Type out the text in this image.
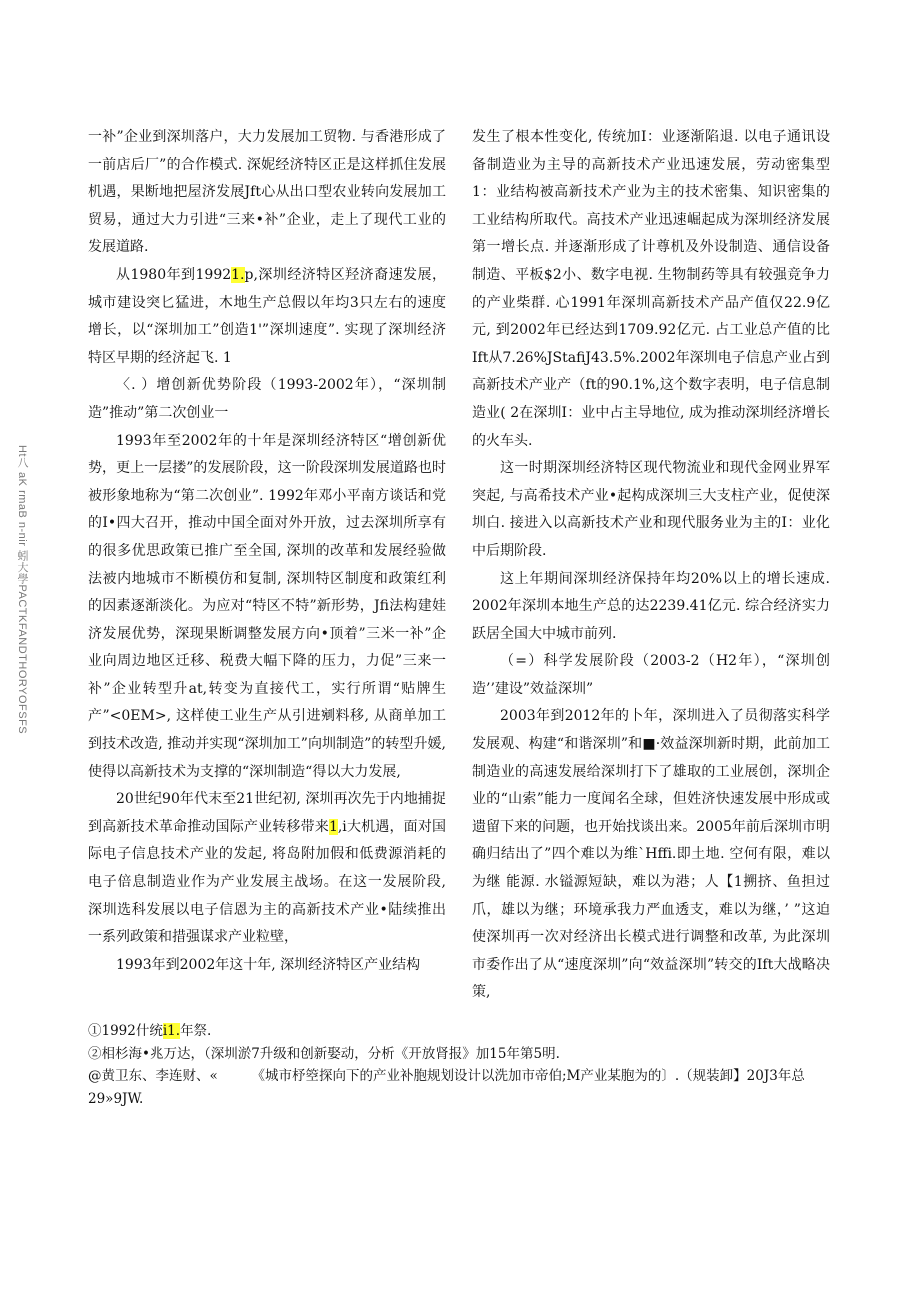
Ht八 aK rmaB n-nir 蚓大學PACTKFANDTHORYOFSFS

一补”企业到深圳落户，大力发展加工贸物. 与香港形成了一前店后厂”的合作模式. 深妮经济特区正是这样抓住发展机遇，果断地把屋济发展Jft心从出口型农业转向发展加工贸易，通过大力引进“三来•补”企业，走上了现代工业的发展道路.

从1980年到19921.p,深圳经济特区羟济裔速发展，城市建设突匕猛进，木地生产总假以年均3只左右的速度增长，以“深圳加工”创造1'”深圳速度”. 实现了深圳经济特区早期的经济起飞. 1

〈. ）增创新优势阶段（1993-2002年），“深圳制造”推动”第二次创业一

1993年至2002年的十年是深圳经济特区“增创新优势，更上一层搂”的发展阶段，这一阶段深圳发展道路也时被形象地称为“第二次创业”. 1992年邓小平南方谈话和党的I•四大召开，推动中国全面对外开放，过去深圳所享有的很多优思政策已推广至全国, 深圳的改革和发展经验做法被内地城市不断模仿和复制, 深圳特区制度和政策红利的因素逐渐淡化。为应对“特区不特”新形势，Jfi法构建娃济发展优势，深现果断调整发展方向•顶着”三米一补”企业向周边地区迁移、税费大幅下降的压力，力促”三来一补”企业转型升at,转变为直接代工，实行所谓“贴牌生产”<0EM>, 这样使工业生产从引进剜料移, 从商单加工到技术改造, 推动并实现“深圳加工”向圳制造”的转型升媛, 使得以高新技术为支撑的“深圳制造“得以大力发展,

20世纪90年代末至21世纪初, 深圳再次先于内地捕捉到高新技术革命推动国际产业转移带来1,i大机遇，面对国际电子信息技术产业的发起, 将岛附加假和低费源消耗的电子倍息制造业作为产业发展主战场。在这一发展阶段, 深圳选科发展以电子信恩为主的高新技术产业•陆续推出一系列政策和措强谋求产业粒壁，

1993年到2002年这十年, 深圳经济特区产业结构

发生了根本性变化, 传统加I：业逐渐陷退. 以电子通讯设备制造业为主导的高新技术产业迅速发展，劳动密集型1：业结构被高新技术产业为主的技术密集、知识密集的工业结构所取代。高技术产业迅速崛起成为深圳经济发展第一增长点. 并逐渐形成了计尊机及外设制造、通信设备制造、平板$2小、数字电视. 生物制药等具有较强竞争力的产业柴群. 心1991年深圳高新技术产品产值仅22.9亿元, 到2002年已经达到1709.92亿元. 占工业总产值的比Ift从7.26%JStafiJ43.5%.2002年深圳电子信息产业占到高新技术产业产（ft的90.1%,这个数字表明，电子信息制造业( 2在深圳I：业中占主导地位, 成为推动深圳经济增长的火车头.

这一时期深圳经济特区现代物流业和现代金网业界军突起, 与高希技术产业•起构成深圳三大支柱产业，促使深圳白. 接进入以高新技术产业和现代服务业为主的I：业化中后期阶段.

这上年期间深圳经济保持年均20%以上的增长速成. 2002年深圳本地生产总的达2239.41亿元. 综合经济实力跃居全国大中城市前列.

（=）科学发展阶段（2003-2（H2年），“深圳创造’’建设”效益深圳”

2003年到2012年的卜年，深圳进入了员彻落实科学发展观、构建“和谐深圳”和■·效益深圳新时期，此前加工制造业的高速发展给深圳打下了雄取的工业展创，深圳企业的“山索”能力一度闻名全球，但姓济快速发展中形成或遗留下来的问题，也开始找谈出来。2005年前后深圳市明确归结出了”四个难以为维`Hffi.即土地. 空何有限，难以为继 能源. 水镒源短缺，难以为港；人【1搠挤、鱼担过爪，雄以为继；环境承我力严血透支，难以为继，’ ”这迫使深圳再一次对经济出长模式进行调整和改革, 为此深圳市委作出了从“速度深圳”向“效益深圳”转交的Ift大战略决策,

①1992什统i1.年祭.

②相杉海•兆万达，（深圳淤7升级和创新娶动，分析《开放肾报》加15年第5明.

@黄卫东、李连财、«　　　《城市杼箜探向下的产业补胞规划设计以洗加市帝伯;M产业某胞为的〕.（规装卸】20J3年总

29»9JW.
